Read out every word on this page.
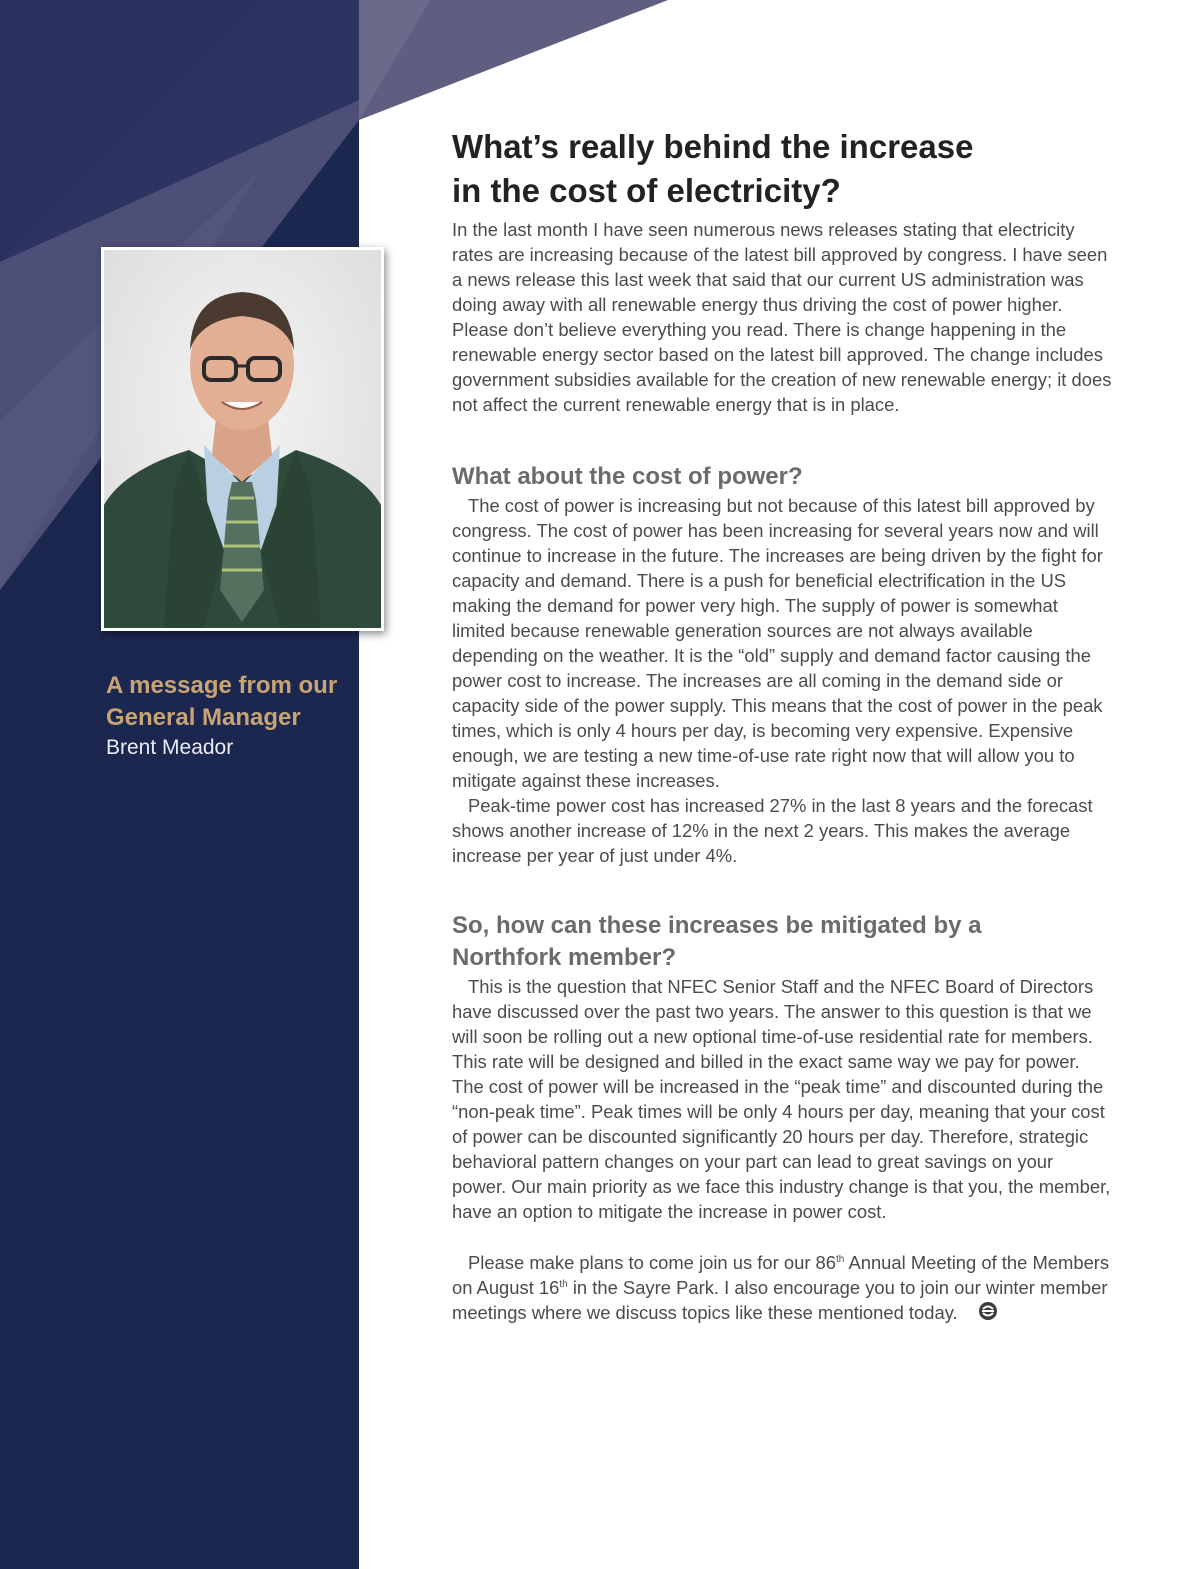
A message from our

General Manager

Brent Meador

What’s really behind the increase
in the cost of electricity?

In the last month I have seen numerous news releases stating that electricity rates are increasing because of the latest bill approved by congress. I have seen a news release this last week that said that our current US administration was doing away with all renewable energy thus driving the cost of power higher. Please don’t believe everything you read. There is change happening in the renewable energy sector based on the latest bill approved. The change includes government subsidies available for the creation of new renewable energy; it does not affect the current renewable energy that is in place.

What about the cost of power?

The cost of power is increasing but not because of this latest bill approved by congress. The cost of power has been increasing for several years now and will continue to increase in the future. The increases are being driven by the fight for capacity and demand. There is a push for beneficial electrification in the US making the demand for power very high. The supply of power is somewhat limited because renewable generation sources are not always available depending on the weather. It is the “old” supply and demand factor causing the power cost to increase. The increases are all coming in the demand side or capacity side of the power supply. This means that the cost of power in the peak times, which is only 4 hours per day, is becoming very expensive. Expensive enough, we are testing a new time-of-use rate right now that will allow you to mitigate against these increases.

Peak-time power cost has increased 27% in the last 8 years and the forecast shows another increase of 12% in the next 2 years. This makes the average increase per year of just under 4%.

So, how can these increases be mitigated by a
Northfork member?

This is the question that NFEC Senior Staff and the NFEC Board of Directors have discussed over the past two years. The answer to this question is that we will soon be rolling out a new optional time-of-use residential rate for members. This rate will be designed and billed in the exact same way we pay for power. The cost of power will be increased in the “peak time” and discounted during the “non-peak time”. Peak times will be only 4 hours per day, meaning that your cost of power can be discounted significantly 20 hours per day. Therefore, strategic behavioral pattern changes on your part can lead to great savings on your power. Our main priority as we face this industry change is that you, the member, have an option to mitigate the increase in power cost.

Please make plans to come join us for our 86th Annual Meeting of the Members on August 16th in the Sayre Park. I also encourage you to join our winter member meetings where we discuss topics like these mentioned today.
